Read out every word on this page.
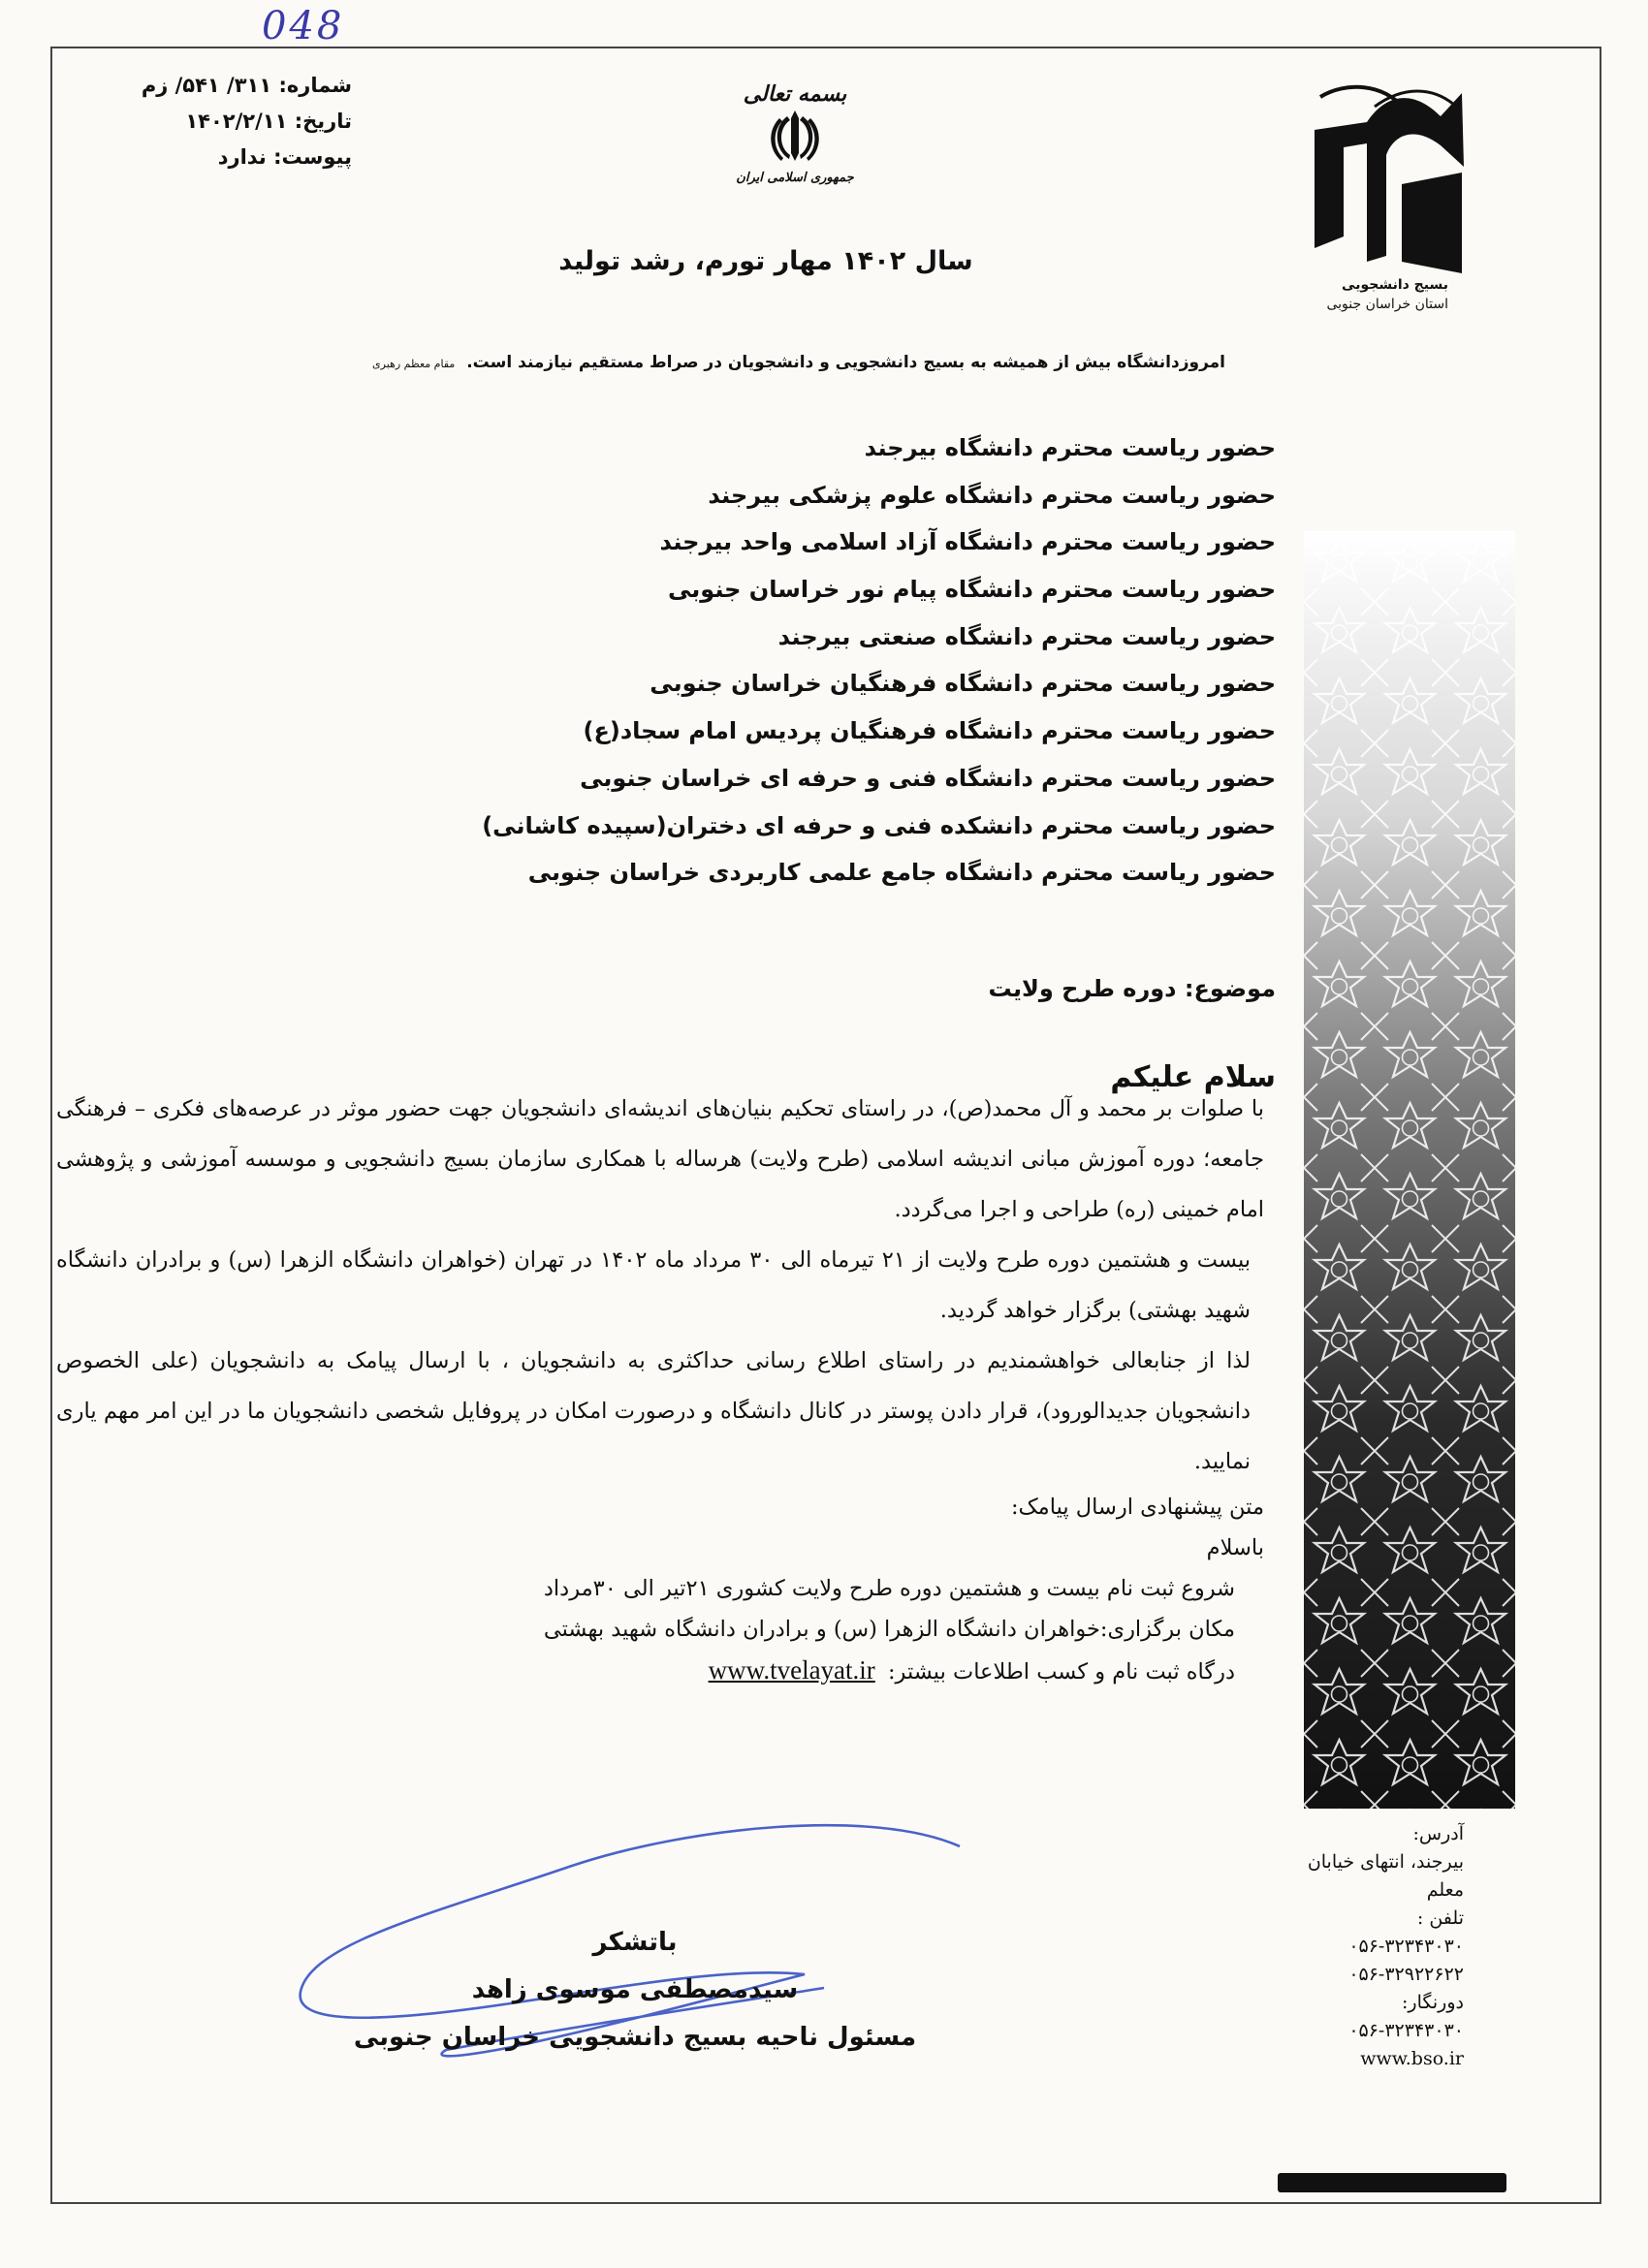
048
شماره: ۳۱۱/ ۵۴۱/ زم
تاریخ: ۱۴۰۲/۲/۱۱
پیوست: ندارد
بسمه تعالی
جمهوری اسلامی ایران
بسیج دانشجویی
استان خراسان جنوبی
سال ۱۴۰۲ مهار تورم، رشد تولید
امروزدانشگاه بیش از همیشه به بسیج دانشجویی و دانشجویان در صراط مستقیم نیازمند است. مقام معظم رهبری
حضور ریاست محترم دانشگاه بیرجند
حضور ریاست محترم دانشگاه علوم پزشکی بیرجند
حضور ریاست محترم دانشگاه آزاد اسلامی واحد بیرجند
حضور ریاست محترم دانشگاه پیام نور خراسان جنوبی
حضور ریاست محترم دانشگاه صنعتی بیرجند
حضور ریاست محترم دانشگاه فرهنگیان خراسان جنوبی
حضور ریاست محترم دانشگاه فرهنگیان پردیس امام سجاد(ع)
حضور ریاست محترم دانشگاه فنی و حرفه ای خراسان جنوبی
حضور ریاست محترم دانشکده فنی و حرفه ای دختران(سپیده کاشانی)
حضور ریاست محترم دانشگاه جامع علمی کاربردی خراسان جنوبی
موضوع: دوره طرح ولایت
سلام علیکم

با صلوات بر محمد و آل محمد(ص)، در راستای تحکیم بنیان‌های اندیشه‌ای دانشجویان جهت حضور موثر در عرصه‌های فکری – فرهنگی جامعه؛ دوره آموزش مبانی اندیشه اسلامی (طرح ولایت) هرساله با همکاری سازمان بسیج دانشجویی و موسسه آموزشی و پژوهشی امام خمینی (ره) طراحی و اجرا می‌گردد.

بیست و هشتمین دوره طرح ولایت از ۲۱ تیرماه الی ۳۰ مرداد ماه ۱۴۰۲ در تهران (خواهران دانشگاه الزهرا (س) و برادران دانشگاه شهید بهشتی) برگزار خواهد گردید.

لذا از جنابعالی خواهشمندیم در راستای اطلاع رسانی حداکثری به دانشجویان ، با ارسال پیامک به دانشجویان (علی الخصوص دانشجویان جدیدالورود)، قرار دادن پوستر در کانال دانشگاه و درصورت امکان در پروفایل شخصی دانشجویان ما در این امر مهم یاری نمایید.

متن پیشنهادی ارسال پیامک:

باسلام

شروع ثبت نام بیست و هشتمین دوره طرح ولایت کشوری ۲۱تیر الی ۳۰مرداد

مکان برگزاری:خواهران دانشگاه الزهرا (س) و برادران دانشگاه شهید بهشتی

درگاه ثبت نام و کسب اطلاعات بیشتر: www.tvelayat.ir

باتشکر
سیدمصطفی موسوی زاهد
مسئول ناحیه بسیج دانشجویی خراسان جنوبی
آدرس:
بیرجند، انتهای خیابان
معلم
تلفن :
۰۵۶-۳۲۳۴۳۰۳۰
۰۵۶-۳۲۹۲۲۶۲۲
دورنگار:
۰۵۶-۳۲۳۴۳۰۳۰
www.bso.ir
